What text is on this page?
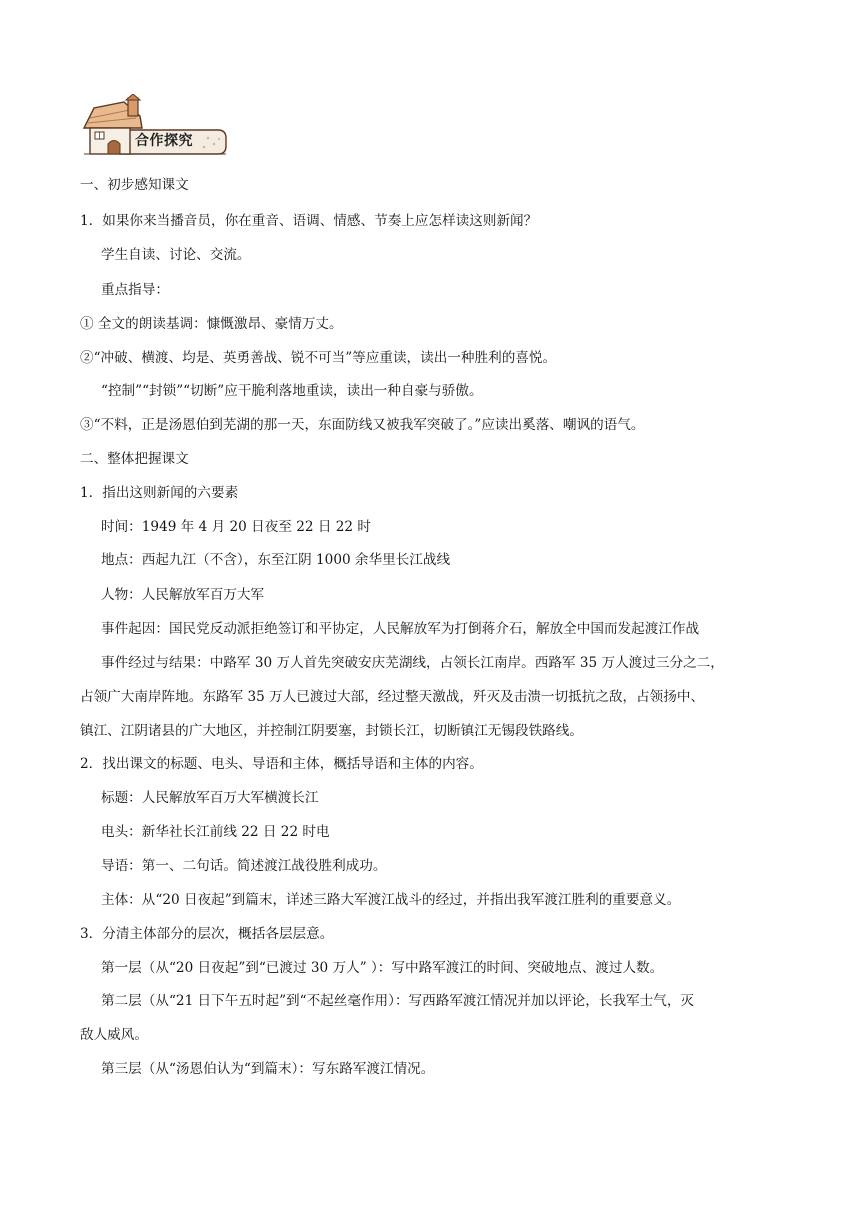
合作探究
一、初步感知课文
1．如果你来当播音员，你在重音、语调、情感、节奏上应怎样读这则新闻？
学生自读、讨论、交流。
重点指导：
① 全文的朗读基调：慷慨激昂、豪情万丈。
②“冲破、横渡、均是、英勇善战、锐不可当”等应重读，读出一种胜利的喜悦。
“控制”“封锁”“切断”应干脆利落地重读，读出一种自豪与骄傲。
③“不料，正是汤恩伯到芜湖的那一天，东面防线又被我军突破了。”应读出奚落、嘲讽的语气。
二、整体把握课文
1．指出这则新闻的六要素
时间：1949 年 4 月 20 日夜至 22 日 22 时
地点：西起九江（不含），东至江阴 1000 余华里长江战线
人物：人民解放军百万大军
事件起因：国民党反动派拒绝签订和平协定，人民解放军为打倒蒋介石，解放全中国而发起渡江作战
事件经过与结果：中路军 30 万人首先突破安庆芜湖线，占领长江南岸。西路军 35 万人渡过三分之二，
占领广大南岸阵地。东路军 35 万人已渡过大部，经过整天激战，歼灭及击溃一切抵抗之敌，占领扬中、
镇江、江阴诸县的广大地区，并控制江阴要塞，封锁长江，切断镇江无锡段铁路线。
2．找出课文的标题、电头、导语和主体，概括导语和主体的内容。
标题：人民解放军百万大军横渡长江
电头：新华社长江前线 22 日 22 时电
导语：第一、二句话。简述渡江战役胜利成功。
主体：从“20 日夜起”到篇末，详述三路大军渡江战斗的经过，并指出我军渡江胜利的重要意义。
3．分清主体部分的层次，概括各层层意。
第一层（从“20 日夜起”到“已渡过 30 万人” ）：写中路军渡江的时间、突破地点、渡过人数。
第二层（从“21 日下午五时起”到“不起丝毫作用）：写西路军渡江情况并加以评论，长我军士气，灭
敌人威风。
第三层（从“汤恩伯认为“到篇末）：写东路军渡江情况。
